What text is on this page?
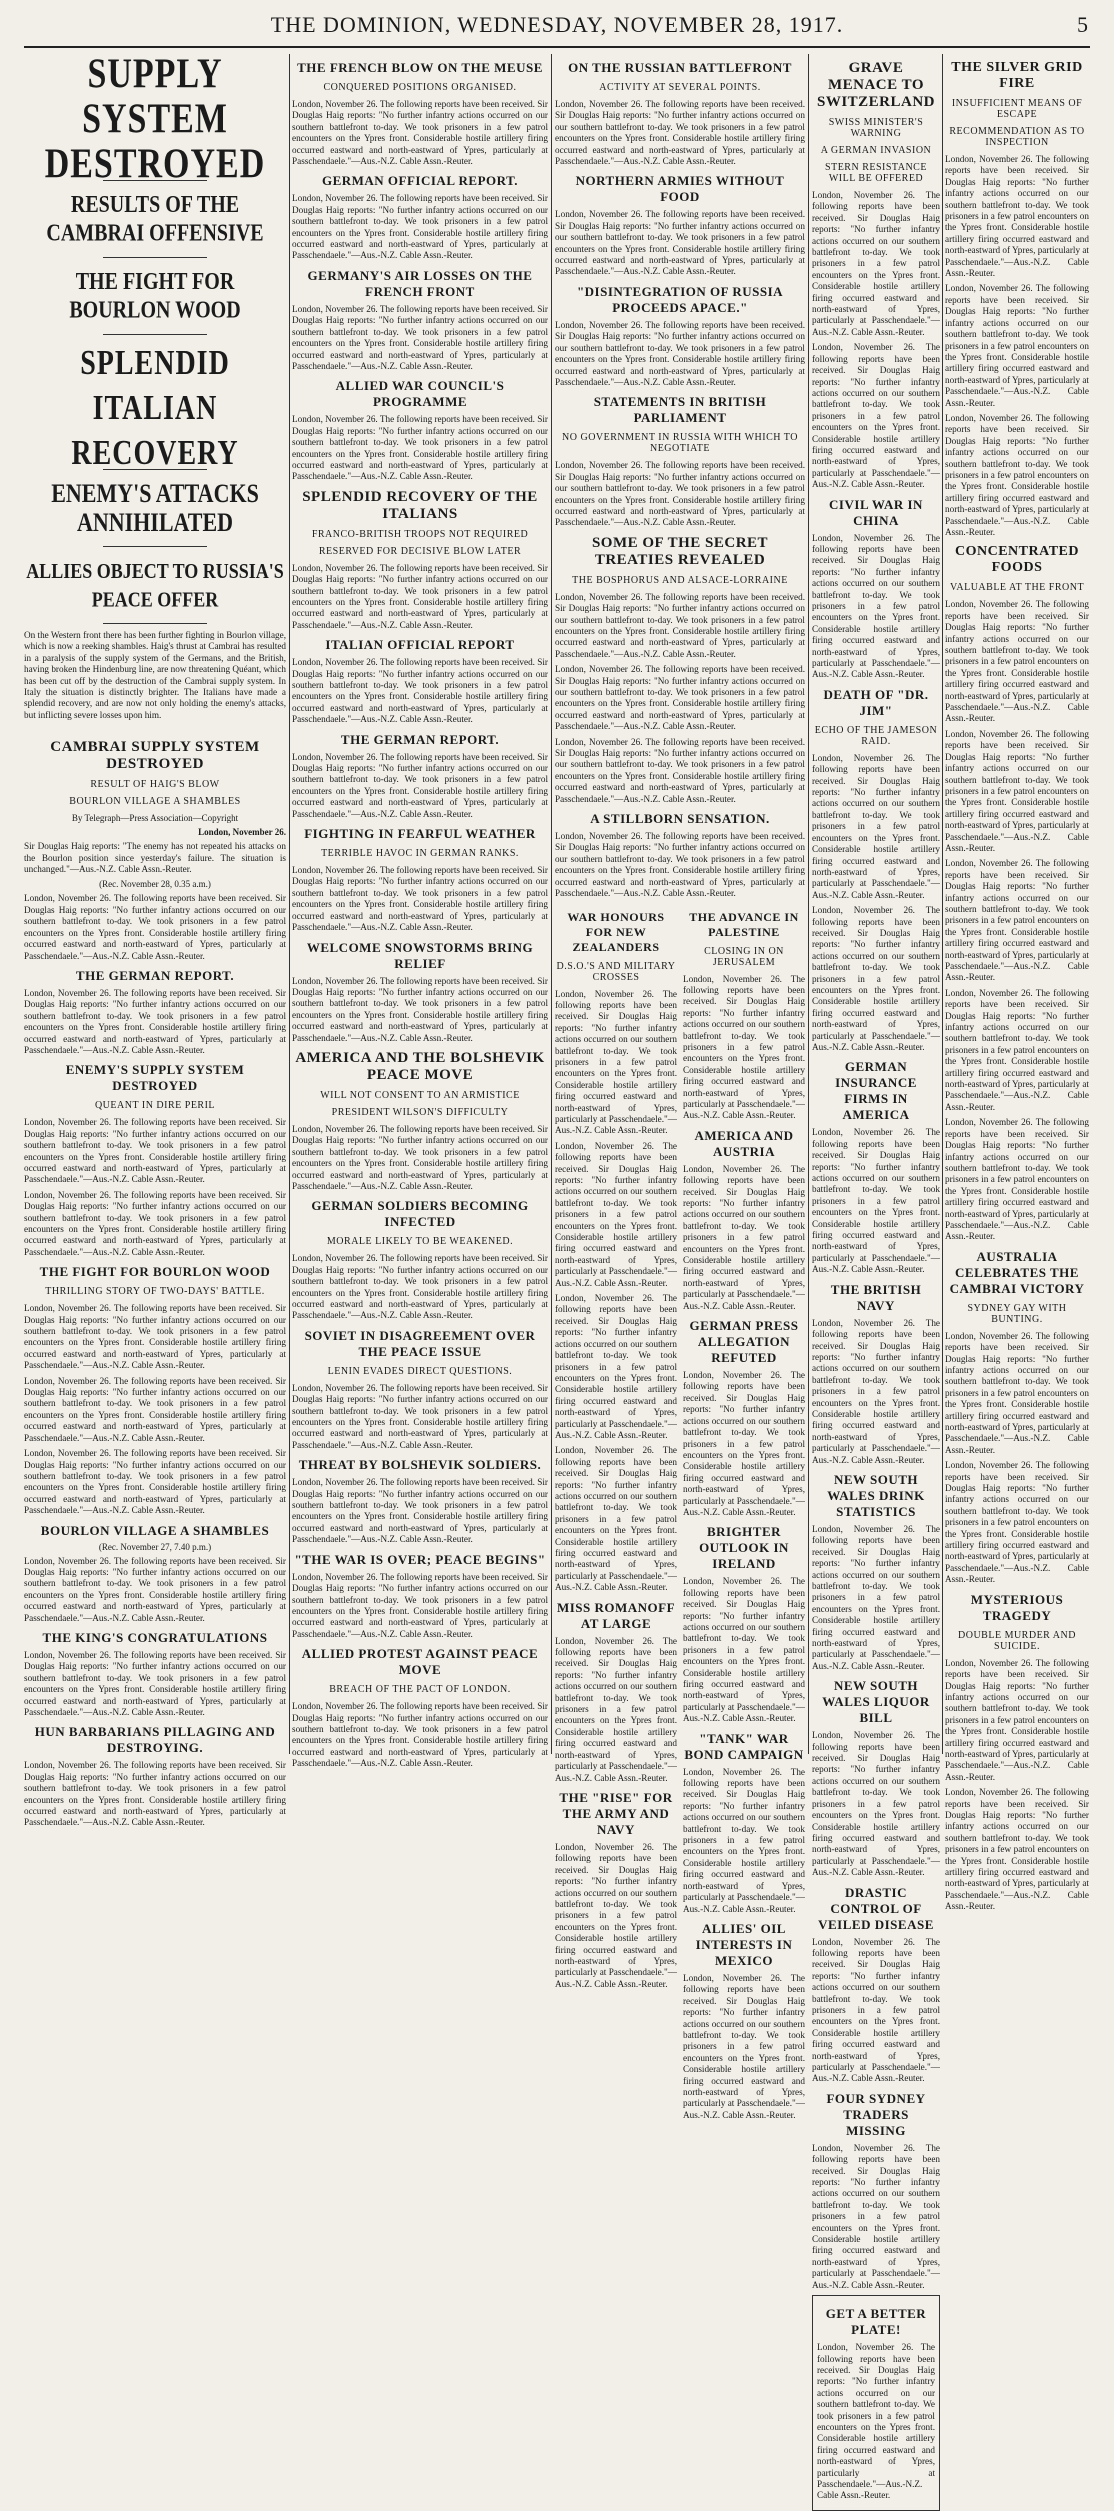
THE DOMINION, WEDNESDAY, NOVEMBER 28, 1917.	5
SUPPLY SYSTEM DESTROYED
RESULTS OF THE CAMBRAI OFFENSIVE
THE FIGHT FOR BOURLON WOOD
SPLENDID ITALIAN RECOVERY
ENEMY'S ATTACKS ANNIHILATED
ALLIES OBJECT TO RUSSIA'S PEACE OFFER
On the Western front there has been further fighting in Bourlon village, which is now a reeking shambles. Haig's thrust at Cambrai has resulted in a paralysis of the supply system of the Germans, and the British, having broken the Hindenburg line, are now threatening Quéant, which has been cut off by the destruction of the Cambrai supply system. In Italy the situation is distinctly brighter. The Italians have made a splendid recovery, and are now not only holding the enemy's attacks, but inflicting severe losses upon him.
CAMBRAI SUPPLY SYSTEM DESTROYED
RESULT OF HAIG'S BLOW
BOURLON VILLAGE A SHAMBLES
By Telegraph—Press Association—Copyright
London, November 26.
Sir Douglas Haig reports: "The enemy has not repeated his attacks on the Bourlon position since yesterday's failure. The situation is unchanged."—Aus.-N.Z. Cable Assn.-Reuter.
(Rec. November 28, 0.35 a.m.)
London, November 26. The following reports have been received. Sir Douglas Haig reports: "No further infantry actions occurred on our southern battlefront to-day. We took prisoners in a few patrol encounters on the Ypres front. Considerable hostile artillery firing occurred eastward and north-eastward of Ypres, particularly at Passchendaele."—Aus.-N.Z. Cable Assn.-Reuter.
THE GERMAN REPORT.
London, November 26. The following reports have been received. Sir Douglas Haig reports: "No further infantry actions occurred on our southern battlefront to-day. We took prisoners in a few patrol encounters on the Ypres front. Considerable hostile artillery firing occurred eastward and north-eastward of Ypres, particularly at Passchendaele."—Aus.-N.Z. Cable Assn.-Reuter.
ENEMY'S SUPPLY SYSTEM DESTROYED
QUEANT IN DIRE PERIL
London, November 26. The following reports have been received. Sir Douglas Haig reports: "No further infantry actions occurred on our southern battlefront to-day. We took prisoners in a few patrol encounters on the Ypres front. Considerable hostile artillery firing occurred eastward and north-eastward of Ypres, particularly at Passchendaele."—Aus.-N.Z. Cable Assn.-Reuter.
London, November 26. The following reports have been received. Sir Douglas Haig reports: "No further infantry actions occurred on our southern battlefront to-day. We took prisoners in a few patrol encounters on the Ypres front. Considerable hostile artillery firing occurred eastward and north-eastward of Ypres, particularly at Passchendaele."—Aus.-N.Z. Cable Assn.-Reuter.
THE FIGHT FOR BOURLON WOOD
THRILLING STORY OF TWO-DAYS' BATTLE.
London, November 26. The following reports have been received. Sir Douglas Haig reports: "No further infantry actions occurred on our southern battlefront to-day. We took prisoners in a few patrol encounters on the Ypres front. Considerable hostile artillery firing occurred eastward and north-eastward of Ypres, particularly at Passchendaele."—Aus.-N.Z. Cable Assn.-Reuter.
London, November 26. The following reports have been received. Sir Douglas Haig reports: "No further infantry actions occurred on our southern battlefront to-day. We took prisoners in a few patrol encounters on the Ypres front. Considerable hostile artillery firing occurred eastward and north-eastward of Ypres, particularly at Passchendaele."—Aus.-N.Z. Cable Assn.-Reuter.
London, November 26. The following reports have been received. Sir Douglas Haig reports: "No further infantry actions occurred on our southern battlefront to-day. We took prisoners in a few patrol encounters on the Ypres front. Considerable hostile artillery firing occurred eastward and north-eastward of Ypres, particularly at Passchendaele."—Aus.-N.Z. Cable Assn.-Reuter.
BOURLON VILLAGE A SHAMBLES
(Rec. November 27, 7.40 p.m.)
London, November 26. The following reports have been received. Sir Douglas Haig reports: "No further infantry actions occurred on our southern battlefront to-day. We took prisoners in a few patrol encounters on the Ypres front. Considerable hostile artillery firing occurred eastward and north-eastward of Ypres, particularly at Passchendaele."—Aus.-N.Z. Cable Assn.-Reuter.
THE KING'S CONGRATULATIONS
London, November 26. The following reports have been received. Sir Douglas Haig reports: "No further infantry actions occurred on our southern battlefront to-day. We took prisoners in a few patrol encounters on the Ypres front. Considerable hostile artillery firing occurred eastward and north-eastward of Ypres, particularly at Passchendaele."—Aus.-N.Z. Cable Assn.-Reuter.
HUN BARBARIANS PILLAGING AND DESTROYING.
London, November 26. The following reports have been received. Sir Douglas Haig reports: "No further infantry actions occurred on our southern battlefront to-day. We took prisoners in a few patrol encounters on the Ypres front. Considerable hostile artillery firing occurred eastward and north-eastward of Ypres, particularly at Passchendaele."—Aus.-N.Z. Cable Assn.-Reuter.
THE FRENCH BLOW ON THE MEUSE
CONQUERED POSITIONS ORGANISED.
London, November 26. The following reports have been received. Sir Douglas Haig reports: "No further infantry actions occurred on our southern battlefront to-day. We took prisoners in a few patrol encounters on the Ypres front. Considerable hostile artillery firing occurred eastward and north-eastward of Ypres, particularly at Passchendaele."—Aus.-N.Z. Cable Assn.-Reuter.
GERMAN OFFICIAL REPORT.
London, November 26. The following reports have been received. Sir Douglas Haig reports: "No further infantry actions occurred on our southern battlefront to-day. We took prisoners in a few patrol encounters on the Ypres front. Considerable hostile artillery firing occurred eastward and north-eastward of Ypres, particularly at Passchendaele."—Aus.-N.Z. Cable Assn.-Reuter.
GERMANY'S AIR LOSSES ON THE FRENCH FRONT
London, November 26. The following reports have been received. Sir Douglas Haig reports: "No further infantry actions occurred on our southern battlefront to-day. We took prisoners in a few patrol encounters on the Ypres front. Considerable hostile artillery firing occurred eastward and north-eastward of Ypres, particularly at Passchendaele."—Aus.-N.Z. Cable Assn.-Reuter.
ALLIED WAR COUNCIL'S PROGRAMME
London, November 26. The following reports have been received. Sir Douglas Haig reports: "No further infantry actions occurred on our southern battlefront to-day. We took prisoners in a few patrol encounters on the Ypres front. Considerable hostile artillery firing occurred eastward and north-eastward of Ypres, particularly at Passchendaele."—Aus.-N.Z. Cable Assn.-Reuter.
SPLENDID RECOVERY OF THE ITALIANS
FRANCO-BRITISH TROOPS NOT REQUIRED
RESERVED FOR DECISIVE BLOW LATER
London, November 26. The following reports have been received. Sir Douglas Haig reports: "No further infantry actions occurred on our southern battlefront to-day. We took prisoners in a few patrol encounters on the Ypres front. Considerable hostile artillery firing occurred eastward and north-eastward of Ypres, particularly at Passchendaele."—Aus.-N.Z. Cable Assn.-Reuter.
ITALIAN OFFICIAL REPORT
London, November 26. The following reports have been received. Sir Douglas Haig reports: "No further infantry actions occurred on our southern battlefront to-day. We took prisoners in a few patrol encounters on the Ypres front. Considerable hostile artillery firing occurred eastward and north-eastward of Ypres, particularly at Passchendaele."—Aus.-N.Z. Cable Assn.-Reuter.
THE GERMAN REPORT.
London, November 26. The following reports have been received. Sir Douglas Haig reports: "No further infantry actions occurred on our southern battlefront to-day. We took prisoners in a few patrol encounters on the Ypres front. Considerable hostile artillery firing occurred eastward and north-eastward of Ypres, particularly at Passchendaele."—Aus.-N.Z. Cable Assn.-Reuter.
FIGHTING IN FEARFUL WEATHER
TERRIBLE HAVOC IN GERMAN RANKS.
London, November 26. The following reports have been received. Sir Douglas Haig reports: "No further infantry actions occurred on our southern battlefront to-day. We took prisoners in a few patrol encounters on the Ypres front. Considerable hostile artillery firing occurred eastward and north-eastward of Ypres, particularly at Passchendaele."—Aus.-N.Z. Cable Assn.-Reuter.
WELCOME SNOWSTORMS BRING RELIEF
London, November 26. The following reports have been received. Sir Douglas Haig reports: "No further infantry actions occurred on our southern battlefront to-day. We took prisoners in a few patrol encounters on the Ypres front. Considerable hostile artillery firing occurred eastward and north-eastward of Ypres, particularly at Passchendaele."—Aus.-N.Z. Cable Assn.-Reuter.
AMERICA AND THE BOLSHEVIK PEACE MOVE
WILL NOT CONSENT TO AN ARMISTICE
PRESIDENT WILSON'S DIFFICULTY
London, November 26. The following reports have been received. Sir Douglas Haig reports: "No further infantry actions occurred on our southern battlefront to-day. We took prisoners in a few patrol encounters on the Ypres front. Considerable hostile artillery firing occurred eastward and north-eastward of Ypres, particularly at Passchendaele."—Aus.-N.Z. Cable Assn.-Reuter.
GERMAN SOLDIERS BECOMING INFECTED
MORALE LIKELY TO BE WEAKENED.
London, November 26. The following reports have been received. Sir Douglas Haig reports: "No further infantry actions occurred on our southern battlefront to-day. We took prisoners in a few patrol encounters on the Ypres front. Considerable hostile artillery firing occurred eastward and north-eastward of Ypres, particularly at Passchendaele."—Aus.-N.Z. Cable Assn.-Reuter.
SOVIET IN DISAGREEMENT OVER THE PEACE ISSUE
LENIN EVADES DIRECT QUESTIONS.
London, November 26. The following reports have been received. Sir Douglas Haig reports: "No further infantry actions occurred on our southern battlefront to-day. We took prisoners in a few patrol encounters on the Ypres front. Considerable hostile artillery firing occurred eastward and north-eastward of Ypres, particularly at Passchendaele."—Aus.-N.Z. Cable Assn.-Reuter.
THREAT BY BOLSHEVIK SOLDIERS.
London, November 26. The following reports have been received. Sir Douglas Haig reports: "No further infantry actions occurred on our southern battlefront to-day. We took prisoners in a few patrol encounters on the Ypres front. Considerable hostile artillery firing occurred eastward and north-eastward of Ypres, particularly at Passchendaele."—Aus.-N.Z. Cable Assn.-Reuter.
"THE WAR IS OVER; PEACE BEGINS"
London, November 26. The following reports have been received. Sir Douglas Haig reports: "No further infantry actions occurred on our southern battlefront to-day. We took prisoners in a few patrol encounters on the Ypres front. Considerable hostile artillery firing occurred eastward and north-eastward of Ypres, particularly at Passchendaele."—Aus.-N.Z. Cable Assn.-Reuter.
ALLIED PROTEST AGAINST PEACE MOVE
BREACH OF THE PACT OF LONDON.
London, November 26. The following reports have been received. Sir Douglas Haig reports: "No further infantry actions occurred on our southern battlefront to-day. We took prisoners in a few patrol encounters on the Ypres front. Considerable hostile artillery firing occurred eastward and north-eastward of Ypres, particularly at Passchendaele."—Aus.-N.Z. Cable Assn.-Reuter.
ON THE RUSSIAN BATTLEFRONT
ACTIVITY AT SEVERAL POINTS.
London, November 26. The following reports have been received. Sir Douglas Haig reports: "No further infantry actions occurred on our southern battlefront to-day. We took prisoners in a few patrol encounters on the Ypres front. Considerable hostile artillery firing occurred eastward and north-eastward of Ypres, particularly at Passchendaele."—Aus.-N.Z. Cable Assn.-Reuter.
NORTHERN ARMIES WITHOUT FOOD
London, November 26. The following reports have been received. Sir Douglas Haig reports: "No further infantry actions occurred on our southern battlefront to-day. We took prisoners in a few patrol encounters on the Ypres front. Considerable hostile artillery firing occurred eastward and north-eastward of Ypres, particularly at Passchendaele."—Aus.-N.Z. Cable Assn.-Reuter.
"DISINTEGRATION OF RUSSIA PROCEEDS APACE."
London, November 26. The following reports have been received. Sir Douglas Haig reports: "No further infantry actions occurred on our southern battlefront to-day. We took prisoners in a few patrol encounters on the Ypres front. Considerable hostile artillery firing occurred eastward and north-eastward of Ypres, particularly at Passchendaele."—Aus.-N.Z. Cable Assn.-Reuter.
STATEMENTS IN BRITISH PARLIAMENT
NO GOVERNMENT IN RUSSIA WITH WHICH TO NEGOTIATE
London, November 26. The following reports have been received. Sir Douglas Haig reports: "No further infantry actions occurred on our southern battlefront to-day. We took prisoners in a few patrol encounters on the Ypres front. Considerable hostile artillery firing occurred eastward and north-eastward of Ypres, particularly at Passchendaele."—Aus.-N.Z. Cable Assn.-Reuter.
SOME OF THE SECRET TREATIES REVEALED
THE BOSPHORUS AND ALSACE-LORRAINE
London, November 26. The following reports have been received. Sir Douglas Haig reports: "No further infantry actions occurred on our southern battlefront to-day. We took prisoners in a few patrol encounters on the Ypres front. Considerable hostile artillery firing occurred eastward and north-eastward of Ypres, particularly at Passchendaele."—Aus.-N.Z. Cable Assn.-Reuter.
London, November 26. The following reports have been received. Sir Douglas Haig reports: "No further infantry actions occurred on our southern battlefront to-day. We took prisoners in a few patrol encounters on the Ypres front. Considerable hostile artillery firing occurred eastward and north-eastward of Ypres, particularly at Passchendaele."—Aus.-N.Z. Cable Assn.-Reuter.
London, November 26. The following reports have been received. Sir Douglas Haig reports: "No further infantry actions occurred on our southern battlefront to-day. We took prisoners in a few patrol encounters on the Ypres front. Considerable hostile artillery firing occurred eastward and north-eastward of Ypres, particularly at Passchendaele."—Aus.-N.Z. Cable Assn.-Reuter.
A STILLBORN SENSATION.
London, November 26. The following reports have been received. Sir Douglas Haig reports: "No further infantry actions occurred on our southern battlefront to-day. We took prisoners in a few patrol encounters on the Ypres front. Considerable hostile artillery firing occurred eastward and north-eastward of Ypres, particularly at Passchendaele."—Aus.-N.Z. Cable Assn.-Reuter.
WAR HONOURS FOR NEW ZEALANDERS
D.S.O.'S AND MILITARY CROSSES
London, November 26. The following reports have been received. Sir Douglas Haig reports: "No further infantry actions occurred on our southern battlefront to-day. We took prisoners in a few patrol encounters on the Ypres front. Considerable hostile artillery firing occurred eastward and north-eastward of Ypres, particularly at Passchendaele."—Aus.-N.Z. Cable Assn.-Reuter.
London, November 26. The following reports have been received. Sir Douglas Haig reports: "No further infantry actions occurred on our southern battlefront to-day. We took prisoners in a few patrol encounters on the Ypres front. Considerable hostile artillery firing occurred eastward and north-eastward of Ypres, particularly at Passchendaele."—Aus.-N.Z. Cable Assn.-Reuter.
London, November 26. The following reports have been received. Sir Douglas Haig reports: "No further infantry actions occurred on our southern battlefront to-day. We took prisoners in a few patrol encounters on the Ypres front. Considerable hostile artillery firing occurred eastward and north-eastward of Ypres, particularly at Passchendaele."—Aus.-N.Z. Cable Assn.-Reuter.
London, November 26. The following reports have been received. Sir Douglas Haig reports: "No further infantry actions occurred on our southern battlefront to-day. We took prisoners in a few patrol encounters on the Ypres front. Considerable hostile artillery firing occurred eastward and north-eastward of Ypres, particularly at Passchendaele."—Aus.-N.Z. Cable Assn.-Reuter.
MISS ROMANOFF AT LARGE
London, November 26. The following reports have been received. Sir Douglas Haig reports: "No further infantry actions occurred on our southern battlefront to-day. We took prisoners in a few patrol encounters on the Ypres front. Considerable hostile artillery firing occurred eastward and north-eastward of Ypres, particularly at Passchendaele."—Aus.-N.Z. Cable Assn.-Reuter.
THE "RISE" FOR THE ARMY AND NAVY
London, November 26. The following reports have been received. Sir Douglas Haig reports: "No further infantry actions occurred on our southern battlefront to-day. We took prisoners in a few patrol encounters on the Ypres front. Considerable hostile artillery firing occurred eastward and north-eastward of Ypres, particularly at Passchendaele."—Aus.-N.Z. Cable Assn.-Reuter.
THE ADVANCE IN PALESTINE
CLOSING IN ON JERUSALEM
London, November 26. The following reports have been received. Sir Douglas Haig reports: "No further infantry actions occurred on our southern battlefront to-day. We took prisoners in a few patrol encounters on the Ypres front. Considerable hostile artillery firing occurred eastward and north-eastward of Ypres, particularly at Passchendaele."—Aus.-N.Z. Cable Assn.-Reuter.
AMERICA AND AUSTRIA
London, November 26. The following reports have been received. Sir Douglas Haig reports: "No further infantry actions occurred on our southern battlefront to-day. We took prisoners in a few patrol encounters on the Ypres front. Considerable hostile artillery firing occurred eastward and north-eastward of Ypres, particularly at Passchendaele."—Aus.-N.Z. Cable Assn.-Reuter.
GERMAN PRESS ALLEGATION REFUTED
London, November 26. The following reports have been received. Sir Douglas Haig reports: "No further infantry actions occurred on our southern battlefront to-day. We took prisoners in a few patrol encounters on the Ypres front. Considerable hostile artillery firing occurred eastward and north-eastward of Ypres, particularly at Passchendaele."—Aus.-N.Z. Cable Assn.-Reuter.
BRIGHTER OUTLOOK IN IRELAND
London, November 26. The following reports have been received. Sir Douglas Haig reports: "No further infantry actions occurred on our southern battlefront to-day. We took prisoners in a few patrol encounters on the Ypres front. Considerable hostile artillery firing occurred eastward and north-eastward of Ypres, particularly at Passchendaele."—Aus.-N.Z. Cable Assn.-Reuter.
"TANK" WAR BOND CAMPAIGN
London, November 26. The following reports have been received. Sir Douglas Haig reports: "No further infantry actions occurred on our southern battlefront to-day. We took prisoners in a few patrol encounters on the Ypres front. Considerable hostile artillery firing occurred eastward and north-eastward of Ypres, particularly at Passchendaele."—Aus.-N.Z. Cable Assn.-Reuter.
ALLIES' OIL INTERESTS IN MEXICO
London, November 26. The following reports have been received. Sir Douglas Haig reports: "No further infantry actions occurred on our southern battlefront to-day. We took prisoners in a few patrol encounters on the Ypres front. Considerable hostile artillery firing occurred eastward and north-eastward of Ypres, particularly at Passchendaele."—Aus.-N.Z. Cable Assn.-Reuter.
GRAVE MENACE TO SWITZERLAND
SWISS MINISTER'S WARNING
A GERMAN INVASION
STERN RESISTANCE WILL BE OFFERED
London, November 26. The following reports have been received. Sir Douglas Haig reports: "No further infantry actions occurred on our southern battlefront to-day. We took prisoners in a few patrol encounters on the Ypres front. Considerable hostile artillery firing occurred eastward and north-eastward of Ypres, particularly at Passchendaele."—Aus.-N.Z. Cable Assn.-Reuter.
London, November 26. The following reports have been received. Sir Douglas Haig reports: "No further infantry actions occurred on our southern battlefront to-day. We took prisoners in a few patrol encounters on the Ypres front. Considerable hostile artillery firing occurred eastward and north-eastward of Ypres, particularly at Passchendaele."—Aus.-N.Z. Cable Assn.-Reuter.
CIVIL WAR IN CHINA
London, November 26. The following reports have been received. Sir Douglas Haig reports: "No further infantry actions occurred on our southern battlefront to-day. We took prisoners in a few patrol encounters on the Ypres front. Considerable hostile artillery firing occurred eastward and north-eastward of Ypres, particularly at Passchendaele."—Aus.-N.Z. Cable Assn.-Reuter.
DEATH OF "DR. JIM"
ECHO OF THE JAMESON RAID.
London, November 26. The following reports have been received. Sir Douglas Haig reports: "No further infantry actions occurred on our southern battlefront to-day. We took prisoners in a few patrol encounters on the Ypres front. Considerable hostile artillery firing occurred eastward and north-eastward of Ypres, particularly at Passchendaele."—Aus.-N.Z. Cable Assn.-Reuter.
London, November 26. The following reports have been received. Sir Douglas Haig reports: "No further infantry actions occurred on our southern battlefront to-day. We took prisoners in a few patrol encounters on the Ypres front. Considerable hostile artillery firing occurred eastward and north-eastward of Ypres, particularly at Passchendaele."—Aus.-N.Z. Cable Assn.-Reuter.
GERMAN INSURANCE FIRMS IN AMERICA
London, November 26. The following reports have been received. Sir Douglas Haig reports: "No further infantry actions occurred on our southern battlefront to-day. We took prisoners in a few patrol encounters on the Ypres front. Considerable hostile artillery firing occurred eastward and north-eastward of Ypres, particularly at Passchendaele."—Aus.-N.Z. Cable Assn.-Reuter.
THE BRITISH NAVY
London, November 26. The following reports have been received. Sir Douglas Haig reports: "No further infantry actions occurred on our southern battlefront to-day. We took prisoners in a few patrol encounters on the Ypres front. Considerable hostile artillery firing occurred eastward and north-eastward of Ypres, particularly at Passchendaele."—Aus.-N.Z. Cable Assn.-Reuter.
NEW SOUTH WALES DRINK STATISTICS
London, November 26. The following reports have been received. Sir Douglas Haig reports: "No further infantry actions occurred on our southern battlefront to-day. We took prisoners in a few patrol encounters on the Ypres front. Considerable hostile artillery firing occurred eastward and north-eastward of Ypres, particularly at Passchendaele."—Aus.-N.Z. Cable Assn.-Reuter.
NEW SOUTH WALES LIQUOR BILL
London, November 26. The following reports have been received. Sir Douglas Haig reports: "No further infantry actions occurred on our southern battlefront to-day. We took prisoners in a few patrol encounters on the Ypres front. Considerable hostile artillery firing occurred eastward and north-eastward of Ypres, particularly at Passchendaele."—Aus.-N.Z. Cable Assn.-Reuter.
DRASTIC CONTROL OF VEILED DISEASE
London, November 26. The following reports have been received. Sir Douglas Haig reports: "No further infantry actions occurred on our southern battlefront to-day. We took prisoners in a few patrol encounters on the Ypres front. Considerable hostile artillery firing occurred eastward and north-eastward of Ypres, particularly at Passchendaele."—Aus.-N.Z. Cable Assn.-Reuter.
FOUR SYDNEY TRADERS MISSING
London, November 26. The following reports have been received. Sir Douglas Haig reports: "No further infantry actions occurred on our southern battlefront to-day. We took prisoners in a few patrol encounters on the Ypres front. Considerable hostile artillery firing occurred eastward and north-eastward of Ypres, particularly at Passchendaele."—Aus.-N.Z. Cable Assn.-Reuter.
GET A BETTER PLATE!
London, November 26. The following reports have been received. Sir Douglas Haig reports: "No further infantry actions occurred on our southern battlefront to-day. We took prisoners in a few patrol encounters on the Ypres front. Considerable hostile artillery firing occurred eastward and north-eastward of Ypres, particularly at Passchendaele."—Aus.-N.Z. Cable Assn.-Reuter.
THE SILVER GRID FIRE
INSUFFICIENT MEANS OF ESCAPE
RECOMMENDATION AS TO INSPECTION
London, November 26. The following reports have been received. Sir Douglas Haig reports: "No further infantry actions occurred on our southern battlefront to-day. We took prisoners in a few patrol encounters on the Ypres front. Considerable hostile artillery firing occurred eastward and north-eastward of Ypres, particularly at Passchendaele."—Aus.-N.Z. Cable Assn.-Reuter.
London, November 26. The following reports have been received. Sir Douglas Haig reports: "No further infantry actions occurred on our southern battlefront to-day. We took prisoners in a few patrol encounters on the Ypres front. Considerable hostile artillery firing occurred eastward and north-eastward of Ypres, particularly at Passchendaele."—Aus.-N.Z. Cable Assn.-Reuter.
London, November 26. The following reports have been received. Sir Douglas Haig reports: "No further infantry actions occurred on our southern battlefront to-day. We took prisoners in a few patrol encounters on the Ypres front. Considerable hostile artillery firing occurred eastward and north-eastward of Ypres, particularly at Passchendaele."—Aus.-N.Z. Cable Assn.-Reuter.
CONCENTRATED FOODS
VALUABLE AT THE FRONT
London, November 26. The following reports have been received. Sir Douglas Haig reports: "No further infantry actions occurred on our southern battlefront to-day. We took prisoners in a few patrol encounters on the Ypres front. Considerable hostile artillery firing occurred eastward and north-eastward of Ypres, particularly at Passchendaele."—Aus.-N.Z. Cable Assn.-Reuter.
London, November 26. The following reports have been received. Sir Douglas Haig reports: "No further infantry actions occurred on our southern battlefront to-day. We took prisoners in a few patrol encounters on the Ypres front. Considerable hostile artillery firing occurred eastward and north-eastward of Ypres, particularly at Passchendaele."—Aus.-N.Z. Cable Assn.-Reuter.
London, November 26. The following reports have been received. Sir Douglas Haig reports: "No further infantry actions occurred on our southern battlefront to-day. We took prisoners in a few patrol encounters on the Ypres front. Considerable hostile artillery firing occurred eastward and north-eastward of Ypres, particularly at Passchendaele."—Aus.-N.Z. Cable Assn.-Reuter.
London, November 26. The following reports have been received. Sir Douglas Haig reports: "No further infantry actions occurred on our southern battlefront to-day. We took prisoners in a few patrol encounters on the Ypres front. Considerable hostile artillery firing occurred eastward and north-eastward of Ypres, particularly at Passchendaele."—Aus.-N.Z. Cable Assn.-Reuter.
London, November 26. The following reports have been received. Sir Douglas Haig reports: "No further infantry actions occurred on our southern battlefront to-day. We took prisoners in a few patrol encounters on the Ypres front. Considerable hostile artillery firing occurred eastward and north-eastward of Ypres, particularly at Passchendaele."—Aus.-N.Z. Cable Assn.-Reuter.
AUSTRALIA CELEBRATES THE CAMBRAI VICTORY
SYDNEY GAY WITH BUNTING.
London, November 26. The following reports have been received. Sir Douglas Haig reports: "No further infantry actions occurred on our southern battlefront to-day. We took prisoners in a few patrol encounters on the Ypres front. Considerable hostile artillery firing occurred eastward and north-eastward of Ypres, particularly at Passchendaele."—Aus.-N.Z. Cable Assn.-Reuter.
London, November 26. The following reports have been received. Sir Douglas Haig reports: "No further infantry actions occurred on our southern battlefront to-day. We took prisoners in a few patrol encounters on the Ypres front. Considerable hostile artillery firing occurred eastward and north-eastward of Ypres, particularly at Passchendaele."—Aus.-N.Z. Cable Assn.-Reuter.
MYSTERIOUS TRAGEDY
DOUBLE MURDER AND SUICIDE.
London, November 26. The following reports have been received. Sir Douglas Haig reports: "No further infantry actions occurred on our southern battlefront to-day. We took prisoners in a few patrol encounters on the Ypres front. Considerable hostile artillery firing occurred eastward and north-eastward of Ypres, particularly at Passchendaele."—Aus.-N.Z. Cable Assn.-Reuter.
London, November 26. The following reports have been received. Sir Douglas Haig reports: "No further infantry actions occurred on our southern battlefront to-day. We took prisoners in a few patrol encounters on the Ypres front. Considerable hostile artillery firing occurred eastward and north-eastward of Ypres, particularly at Passchendaele."—Aus.-N.Z. Cable Assn.-Reuter.
